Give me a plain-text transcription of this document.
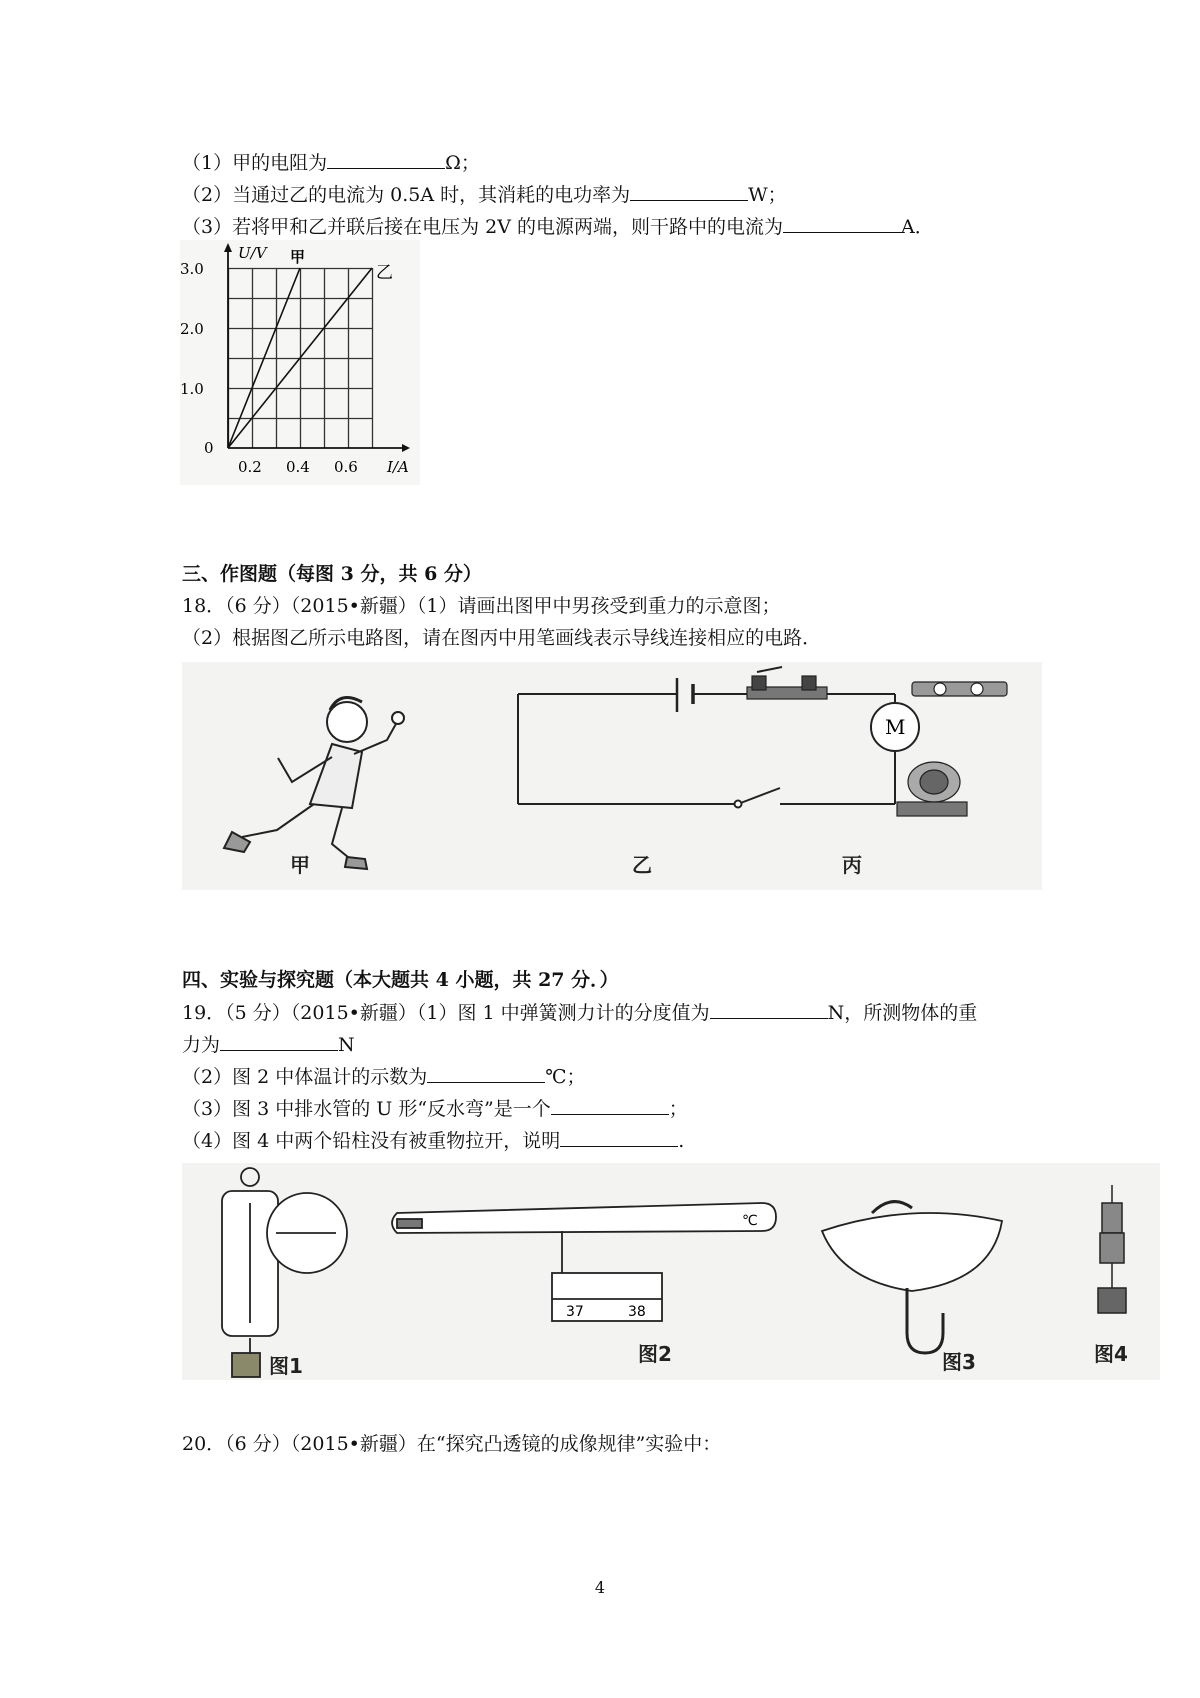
（1）甲的电阻为	Ω；
（2）当通过乙的电流为 0.5A 时，其消耗的电功率为	W；
（3）若将甲和乙并联后接在电压为 2V 的电源两端，则干路中的电流为	A．
U/V
I/A
甲
乙
0
1.0
2.0
3.0
0.2 0.4 0.6
三、作图题（每图 3 分，共 6 分）
18．（6 分）（2015•新疆）（1）请画出图甲中男孩受到重力的示意图；
（2）根据图乙所示电路图，请在图丙中用笔画线表示导线连接相应的电路．
甲
M
乙	丙
四、实验与探究题（本大题共 4 小题，共 27 分．）
19．（5 分）（2015•新疆）（1）图 1 中弹簧测力计的分度值为	N，所测物体的重
力为	N
（2）图 2 中体温计的示数为	℃；
（3）图 3 中排水管的 U 形“反水弯”是一个	；
（4）图 4 中两个铅柱没有被重物拉开，说明	.
图1
37	38
℃
图2	图3	图4
20．（6 分）（2015•新疆）在“探究凸透镜的成像规律”实验中：
4
